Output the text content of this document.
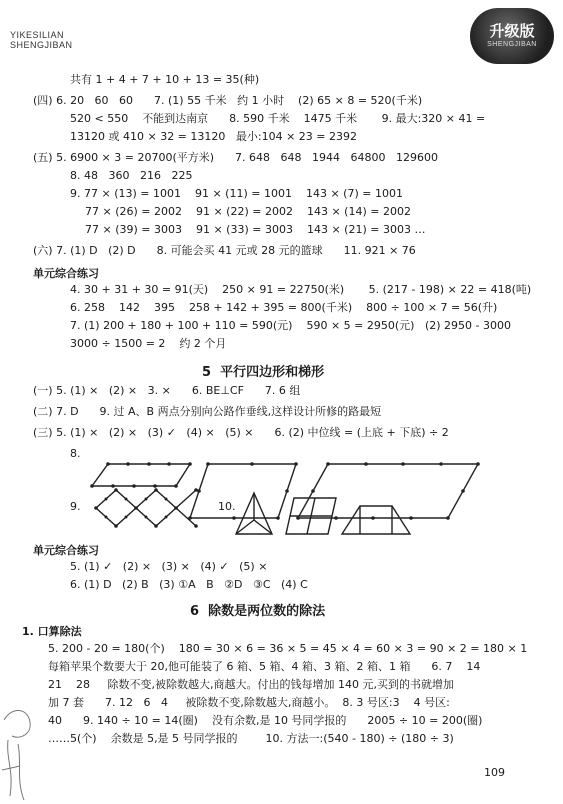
YIKESILIAN
SHENGJIBAN
升级版
SHENGJIBAN
共有 1 + 4 + 7 + 10 + 13 = 35(种)
(四) 6. 20   60   60      7. (1) 55 千米   约 1 小时    (2) 65 × 8 = 520(千米)
520 < 550    不能到达南京      8. 590 千米    1475 千米       9. 最大:320 × 41 =
13120 或 410 × 32 = 13120   最小:104 × 23 = 2392
(五) 5. 6900 × 3 = 20700(平方米)      7. 648   648   1944   64800   129600
8. 48   360   216   225
9. 77 × (13) = 1001    91 × (11) = 1001    143 × (7) = 1001
77 × (26) = 2002    91 × (22) = 2002    143 × (14) = 2002
77 × (39) = 3003    91 × (33) = 3003    143 × (21) = 3003 …
(六) 7. (1) D   (2) D      8. 可能会买 41 元或 28 元的篮球      11. 921 × 76
单元综合练习
4. 30 + 31 + 30 = 91(天)    250 × 91 = 22750(米)       5. (217 - 198) × 22 = 418(吨)
6. 258    142    395    258 + 142 + 395 = 800(千米)    800 ÷ 100 × 7 = 56(升)
7. (1) 200 + 180 + 100 + 110 = 590(元)    590 × 5 = 2950(元)   (2) 2950 - 3000
3000 ÷ 1500 = 2    约 2 个月
5  平行四边形和梯形
(一) 5. (1) ×   (2) ×   3. ×      6. BE⊥CF      7. 6 组
(二) 7. D      9. 过 A、B 两点分别向公路作垂线,这样设计所修的路最短
(三) 5. (1) ×   (2) ×   (3) ✓   (4) ×   (5) ×      6. (2) 中位线 = (上底 + 下底) ÷ 2
8.
9.	10.
单元综合练习
5. (1) ✓   (2) ×   (3) ×   (4) ✓   (5) ×
6. (1) D   (2) B   (3) ①A   B   ②D   ③C   (4) C
6  除数是两位数的除法
1. 口算除法
5. 200 - 20 = 180(个)    180 = 30 × 6 = 36 × 5 = 45 × 4 = 60 × 3 = 90 × 2 = 180 × 1
每箱苹果个数要大于 20,他可能装了 6 箱、5 箱、4 箱、3 箱、2 箱、1 箱      6. 7    14
21    28     除数不变,被除数越大,商越大。付出的钱每增加 140 元,买到的书就增加
加 7 套      7. 12   6   4     被除数不变,除数越大,商越小。  8. 3 号区:3    4 号区:
40      9. 140 ÷ 10 = 14(圈)    没有余数,是 10 号同学报的      2005 ÷ 10 = 200(圈)
……5(个)    余数是 5,是 5 号同学报的        10. 方法一:(540 - 180) ÷ (180 ÷ 3)
109
